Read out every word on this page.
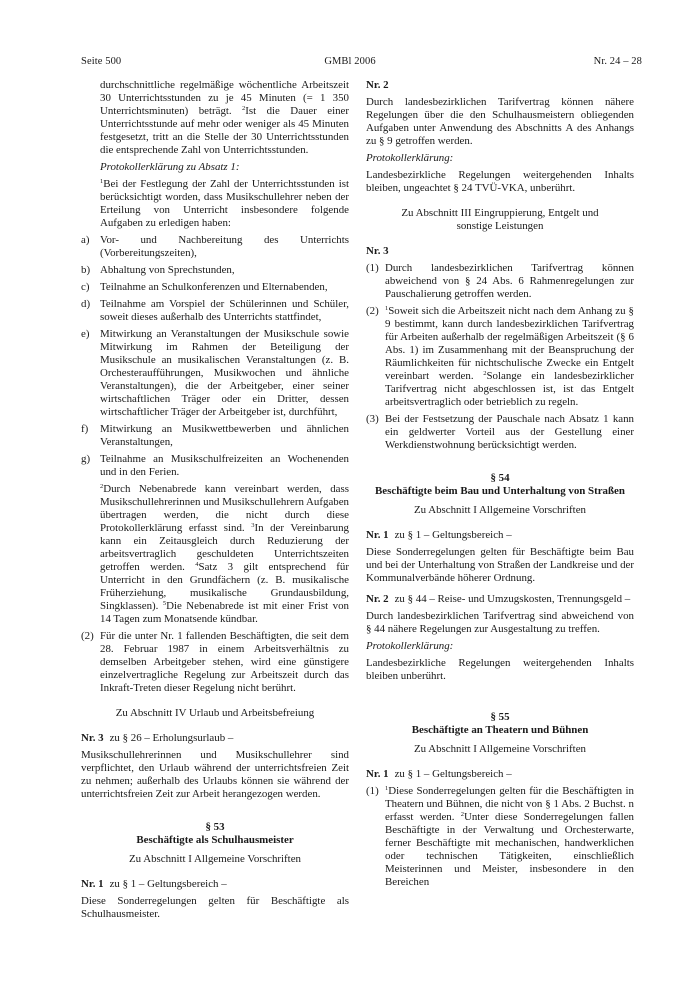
Seite 500	GMBl 2006	Nr. 24 – 28

durchschnittliche regelmäßige wöchentliche Arbeitszeit 30 Unterrichtsstunden zu je 45 Minuten (= 1 350 Unterrichtsminuten) beträgt. $^2$Ist die Dauer einer Unterrichtsstunde auf mehr oder weniger als 45 Minuten festgesetzt, tritt an die Stelle der 30 Unterrichtsstunden die entsprechende Zahl von Unterrichtsstunden.

Protokollerklärung zu Absatz 1:

$^1$Bei der Festlegung der Zahl der Unterrichtsstunden ist berücksichtigt worden, dass Musikschullehrer neben der Erteilung von Unterricht insbesondere folgende Aufgaben zu erledigen haben:

a) Vor- und Nachbereitung des Unterrichts (Vorbereitungszeiten),
b) Abhaltung von Sprechstunden,
c) Teilnahme an Schulkonferenzen und Elternabenden,
d) Teilnahme am Vorspiel der Schülerinnen und Schüler, soweit dieses außerhalb des Unterrichts stattfindet,
e) Mitwirkung an Veranstaltungen der Musikschule sowie Mitwirkung im Rahmen der Beteiligung der Musikschule an musikalischen Veranstaltungen (z. B. Orchesteraufführungen, Musikwochen und ähnliche Veranstaltungen), die der Arbeitgeber, einer seiner wirtschaftlichen Träger oder ein Dritter, dessen wirtschaftlicher Träger der Arbeitgeber ist, durchführt,
f) Mitwirkung an Musikwettbewerben und ähnlichen Veranstaltungen,
g) Teilnahme an Musikschulfreizeiten an Wochenenden und in den Ferien.

$^2$Durch Nebenabrede kann vereinbart werden, dass Musikschullehrerinnen und Musikschullehrern Aufgaben übertragen werden, die nicht durch diese Protokollerklärung erfasst sind. $^3$In der Vereinbarung kann ein Zeitausgleich durch Reduzierung der arbeitsvertraglich geschuldeten Unterrichtszeiten getroffen werden. $^4$Satz 3 gilt entsprechend für Unterricht in den Grundfächern (z. B. musikalische Früherziehung, musikalische Grundausbildung, Singklassen). $^5$Die Nebenabrede ist mit einer Frist von 14 Tagen zum Monatsende kündbar.

(2) Für die unter Nr. 1 fallenden Beschäftigten, die seit dem 28. Februar 1987 in einem Arbeitsverhältnis zu demselben Arbeitgeber stehen, wird eine günstigere einzelvertragliche Regelung zur Arbeitszeit durch das Inkraft-Treten dieser Regelung nicht berührt.

Zu Abschnitt IV Urlaub und Arbeitsbefreiung

Nr. 3 zu § 26 – Erholungsurlaub –

Musikschullehrerinnen und Musikschullehrer sind verpflichtet, den Urlaub während der unterrichtsfreien Zeit zu nehmen; außerhalb des Urlaubs können sie während der unterrichtsfreien Zeit zur Arbeit herangezogen werden.

§ 53

Beschäftigte als Schulhausmeister

Zu Abschnitt I Allgemeine Vorschriften

Nr. 1 zu § 1 – Geltungsbereich –

Diese Sonderregelungen gelten für Beschäftigte als Schulhausmeister.

Nr. 2

Durch landesbezirklichen Tarifvertrag können nähere Regelungen über die den Schulhausmeistern obliegenden Aufgaben unter Anwendung des Abschnitts A des Anhangs zu § 9 getroffen werden.

Protokollerklärung:

Landesbezirkliche Regelungen weitergehenden Inhalts bleiben, ungeachtet § 24 TVÜ-VKA, unberührt.

Zu Abschnitt III Eingruppierung, Entgelt und sonstige Leistungen

Nr. 3

(1) Durch landesbezirklichen Tarifvertrag können abweichend von § 24 Abs. 6 Rahmenregelungen zur Pauschalierung getroffen werden.
(2) $^1$Soweit sich die Arbeitszeit nicht nach dem Anhang zu § 9 bestimmt, kann durch landesbezirklichen Tarifvertrag für Arbeiten außerhalb der regelmäßigen Arbeitszeit (§ 6 Abs. 1) im Zusammenhang mit der Beanspruchung der Räumlichkeiten für nichtschulische Zwecke ein Entgelt vereinbart werden. $^2$Solange ein landesbezirklicher Tarifvertrag nicht abgeschlossen ist, ist das Entgelt arbeitsvertraglich oder betrieblich zu regeln.
(3) Bei der Festsetzung der Pauschale nach Absatz 1 kann ein geldwerter Vorteil aus der Gestellung einer Werkdienstwohnung berücksichtigt werden.

§ 54

Beschäftigte beim Bau und Unterhaltung von Straßen

Zu Abschnitt I Allgemeine Vorschriften

Nr. 1 zu § 1 – Geltungsbereich –

Diese Sonderregelungen gelten für Beschäftigte beim Bau und bei der Unterhaltung von Straßen der Landkreise und der Kommunalverbände höherer Ordnung.

Nr. 2 zu § 44 – Reise- und Umzugskosten, Trennungsgeld –

Durch landesbezirklichen Tarifvertrag sind abweichend von § 44 nähere Regelungen zur Ausgestaltung zu treffen.

Protokollerklärung:

Landesbezirkliche Regelungen weitergehenden Inhalts bleiben unberührt.

§ 55

Beschäftigte an Theatern und Bühnen

Zu Abschnitt I Allgemeine Vorschriften

Nr. 1 zu § 1 – Geltungsbereich –

(1) $^1$Diese Sonderregelungen gelten für die Beschäftigten in Theatern und Bühnen, die nicht von § 1 Abs. 2 Buchst. n erfasst werden. $^2$Unter diese Sonderregelungen fallen Beschäftigte in der Verwaltung und Orchesterwarte, ferner Beschäftigte mit mechanischen, handwerklichen oder technischen Tätigkeiten, einschließlich Meisterinnen und Meister, insbesondere in den Bereichen
